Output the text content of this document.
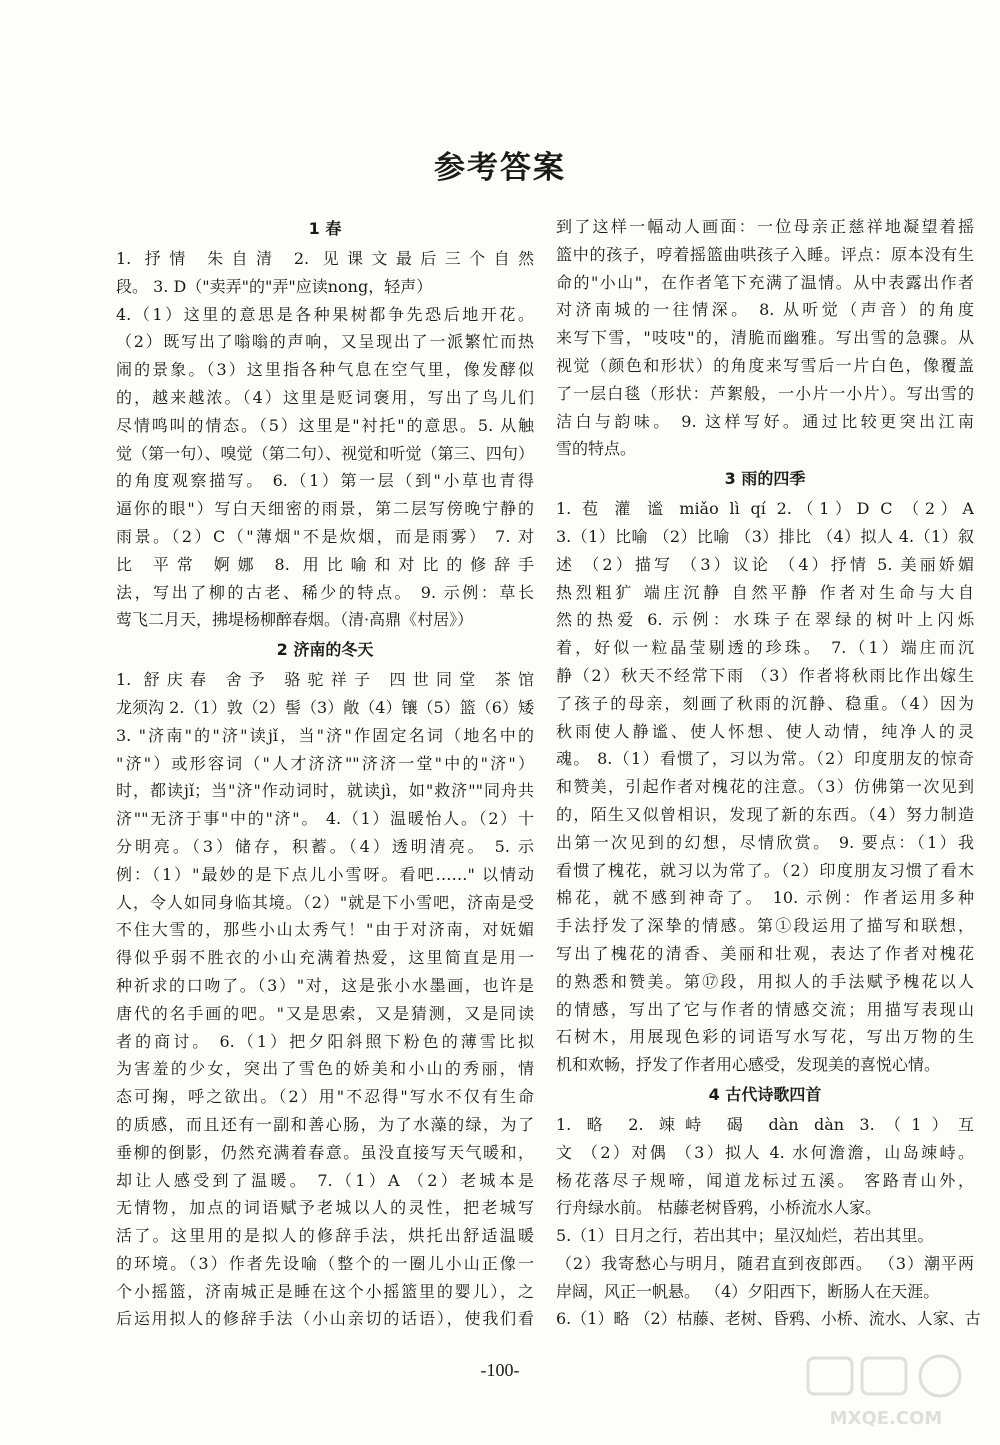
参考答案
1 春
1. 抒情 朱自清 2. 见课文最后三个自然
段。 3. D（"卖弄"的"弄"应读nong，轻声）
4.（1）这里的意思是各种果树都争先恐后地开花。
（2）既写出了嗡嗡的声响，又呈现出了一派繁忙而热
闹的景象。（3）这里指各种气息在空气里，像发酵似
的，越来越浓。（4）这里是贬词褒用，写出了鸟儿们
尽情鸣叫的情态。（5）这里是"衬托"的意思。5. 从触
觉（第一句）、嗅觉（第二句）、视觉和听觉（第三、四句）
的角度观察描写。 6.（1）第一层（到"小草也青得
逼你的眼"）写白天细密的雨景，第二层写傍晚宁静的
雨景。（2）C（"薄烟"不是炊烟，而是雨雾） 7. 对
比 平常 婀娜 8. 用比喻和对比的修辞手
法，写出了柳的古老、稀少的特点。 9. 示例：草长
莺飞二月天，拂堤杨柳醉春烟。（清·高鼎《村居》）
2 济南的冬天
1. 舒庆春 舍予 骆驼祥子 四世同堂 茶馆
龙须沟 2.（1）敦（2）髻（3）敞（4）镶（5）篮（6）矮
3. "济南"的"济"读jǐ，当"济"作固定名词（地名中的
"济"）或形容词（"人才济济""济济一堂"中的"济"）
时，都读jǐ；当"济"作动词时，就读jì，如"救济""同舟共
济""无济于事"中的"济"。 4.（1）温暖怡人。（2）十
分明亮。（3）储存，积蓄。（4）透明清亮。 5. 示
例：（1）"最妙的是下点儿小雪呀。看吧……" 以情动
人，令人如同身临其境。（2）"就是下小雪吧，济南是受
不住大雪的，那些小山太秀气！"由于对济南，对妩媚
得似乎弱不胜衣的小山充满着热爱，这里简直是用一
种祈求的口吻了。（3）"对，这是张小水墨画，也许是
唐代的名手画的吧。"又是思索，又是猜测，又是同读
者的商讨。 6.（1）把夕阳斜照下粉色的薄雪比拟
为害羞的少女，突出了雪色的娇美和小山的秀丽，情
态可掬，呼之欲出。（2）用"不忍得"写水不仅有生命
的质感，而且还有一副和善心肠，为了水藻的绿，为了
垂柳的倒影，仍然充满着春意。虽没直接写天气暖和，
却让人感受到了温暖。 7.（1）A （2）老城本是
无情物，加点的词语赋予老城以人的灵性，把老城写
活了。这里用的是拟人的修辞手法，烘托出舒适温暖
的环境。（3）作者先设喻（整个的一圈儿小山正像一
个小摇篮，济南城正是睡在这个小摇篮里的婴儿），之
后运用拟人的修辞手法（小山亲切的话语），使我们看
到了这样一幅动人画面：一位母亲正慈祥地凝望着摇
篮中的孩子，哼着摇篮曲哄孩子入睡。评点：原本没有生
命的"小山"，在作者笔下充满了温情。从中表露出作者
对济南城的一往情深。 8. 从听觉（声音）的角度
来写下雪，"吱吱"的，清脆而幽雅。写出雪的急骤。从
视觉（颜色和形状）的角度来写雪后一片白色，像覆盖
了一层白毯（形状：芦絮般，一小片一小片）。写出雪的
洁白与韵味。 9. 这样写好。通过比较更突出江南
雪的特点。
3 雨的四季
1. 苞 灌 谧 miǎo lì qí 2.（1）D C （2）A
3.（1）比喻 （2）比喻 （3）排比 （4）拟人 4.（1）叙
述 （2）描写 （3）议论 （4）抒情 5. 美丽娇媚
热烈粗犷 端庄沉静 自然平静 作者对生命与大自
然的热爱 6. 示例：水珠子在翠绿的树叶上闪烁
着，好似一粒晶莹剔透的珍珠。 7.（1）端庄而沉
静（2）秋天不经常下雨 （3）作者将秋雨比作出嫁生
了孩子的母亲，刻画了秋雨的沉静、稳重。（4）因为
秋雨使人静谧、使人怀想、使人动情，纯净人的灵
魂。 8.（1）看惯了，习以为常。（2）印度朋友的惊奇
和赞美，引起作者对槐花的注意。（3）仿佛第一次见到
的，陌生又似曾相识，发现了新的东西。（4）努力制造
出第一次见到的幻想，尽情欣赏。 9. 要点：（1）我
看惯了槐花，就习以为常了。（2）印度朋友习惯了看木
棉花，就不感到神奇了。 10. 示例：作者运用多种
手法抒发了深挚的情感。第①段运用了描写和联想，
写出了槐花的清香、美丽和壮观，表达了作者对槐花
的熟悉和赞美。第⑰段，用拟人的手法赋予槐花以人
的情感，写出了它与作者的情感交流；用描写表现山
石树木，用展现色彩的词语写水写花，写出万物的生
机和欢畅，抒发了作者用心感受，发现美的喜悦心情。
4 古代诗歌四首
1. 略 2. 竦峙 碣 dàn dàn 3.（1）互
文 （2）对偶 （3）拟人 4. 水何澹澹，山岛竦峙。
杨花落尽子规啼，闻道龙标过五溪。 客路青山外，
行舟绿水前。 枯藤老树昏鸦，小桥流水人家。
5.（1）日月之行，若出其中；星汉灿烂，若出其里。
（2）我寄愁心与明月，随君直到夜郎西。 （3）潮平两
岸阔，风正一帆悬。 （4）夕阳西下，断肠人在天涯。
6.（1）略 （2）枯藤、老树、昏鸦、小桥、流水、人家、古
-100-
MXQE.COM
